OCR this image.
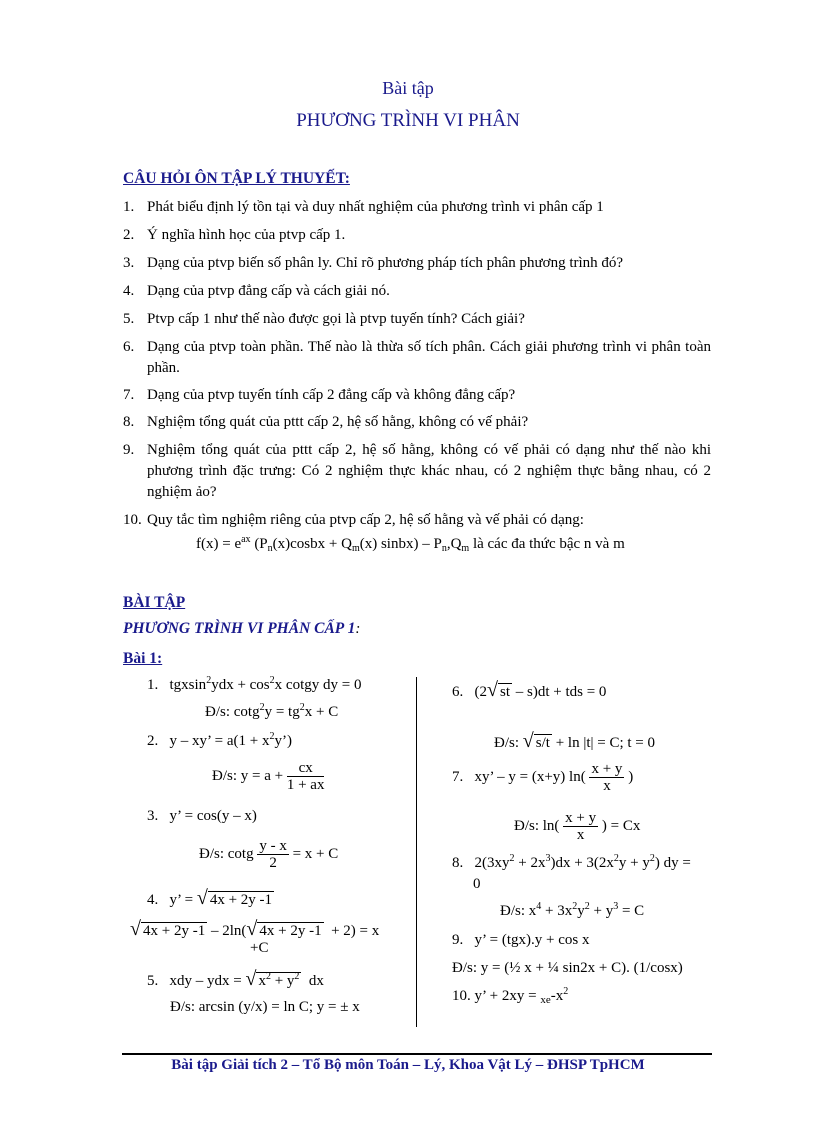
Bài tập
PHƯƠNG TRÌNH VI PHÂN
CÂU HỎI ÔN TẬP LÝ THUYẾT:
1. Phát biểu định lý tồn tại và duy nhất nghiệm của phương trình vi phân cấp 1
2. Ý nghĩa hình học của ptvp cấp 1.
3. Dạng của ptvp biến số phân ly. Chỉ rõ phương pháp tích phân phương trình đó?
4. Dạng của ptvp đẳng cấp và cách giải nó.
5. Ptvp cấp 1 như thế nào được gọi là ptvp tuyến tính? Cách giải?
6. Dạng của ptvp toàn phần. Thế nào là thừa số tích phân. Cách giải phương trình vi phân toàn phần.
7. Dạng của ptvp tuyến tính cấp 2 đẳng cấp và không đẳng cấp?
8. Nghiệm tổng quát của pttt cấp 2, hệ số hằng, không có vế phải?
9. Nghiệm tổng quát của pttt cấp 2, hệ số hằng, không có vế phải có dạng như thế nào khi phương trình đặc trưng: Có 2 nghiệm thực khác nhau, có 2 nghiệm thực bằng nhau, có 2 nghiệm ảo?
10. Quy tắc tìm nghiệm riêng của ptvp cấp 2, hệ số hằng và vế phải có dạng:
$f(x) = e^{ax}$ ($P_n(x)cosbx + Q_m(x)$ sinbx) – $P_n,Q_m$ là các đa thức bậc n và m
BÀI TẬP
PHƯƠNG TRÌNH VI PHÂN CẤP 1:
Bài 1:
1.   $tgxsin^2ydx + \cos^2x$ cotgy dy = 0
Đ/s: $\cot g^2y = tg^2x + C$
2.   y – xy’ = $a(1 + x^2y’)$
Đ/s: $y = a + \frac{cx}{1 + ax}$
3.   y’ = cos(y – x)
Đ/s: cotg $\frac{y - x}{2} = x + C$
4.   y’ = √ 4x + 2y -1
√ 4x + 2y -1 – 2ln(√ 4x + 2y -1  + 2) = x
+C
5.   xdy – ydx = √ $x^2 + y^2$  dx
Đ/s: arcsin (y/x) = ln C; y = ± x
6.   (2√ st – s)dt + tds = 0
Đ/s: √ s/t + ln |t| = C; t = 0
7.   xy’ – y = (x+y) $\ln( \frac{x + y}{x}$ )
Đ/s: $\ln( \frac{x + y}{x}$ ) = Cx
8.   $2(3xy^2 + 2x^3)dx + 3(2x^2y + y^2)$ dy =
0
Đ/s: $x^4 + 3x^2y^2 + y^3 = C$
9.   y’ = (tgx).y + cos x
Đ/s: y = (½ x + ¼ sin2x + C). (1/cosx)
10. y’ + $2xy = _{xe}-x^2$
Bài tập Giải tích 2 – Tổ Bộ môn Toán – Lý, Khoa Vật Lý – ĐHSP TpHCM
